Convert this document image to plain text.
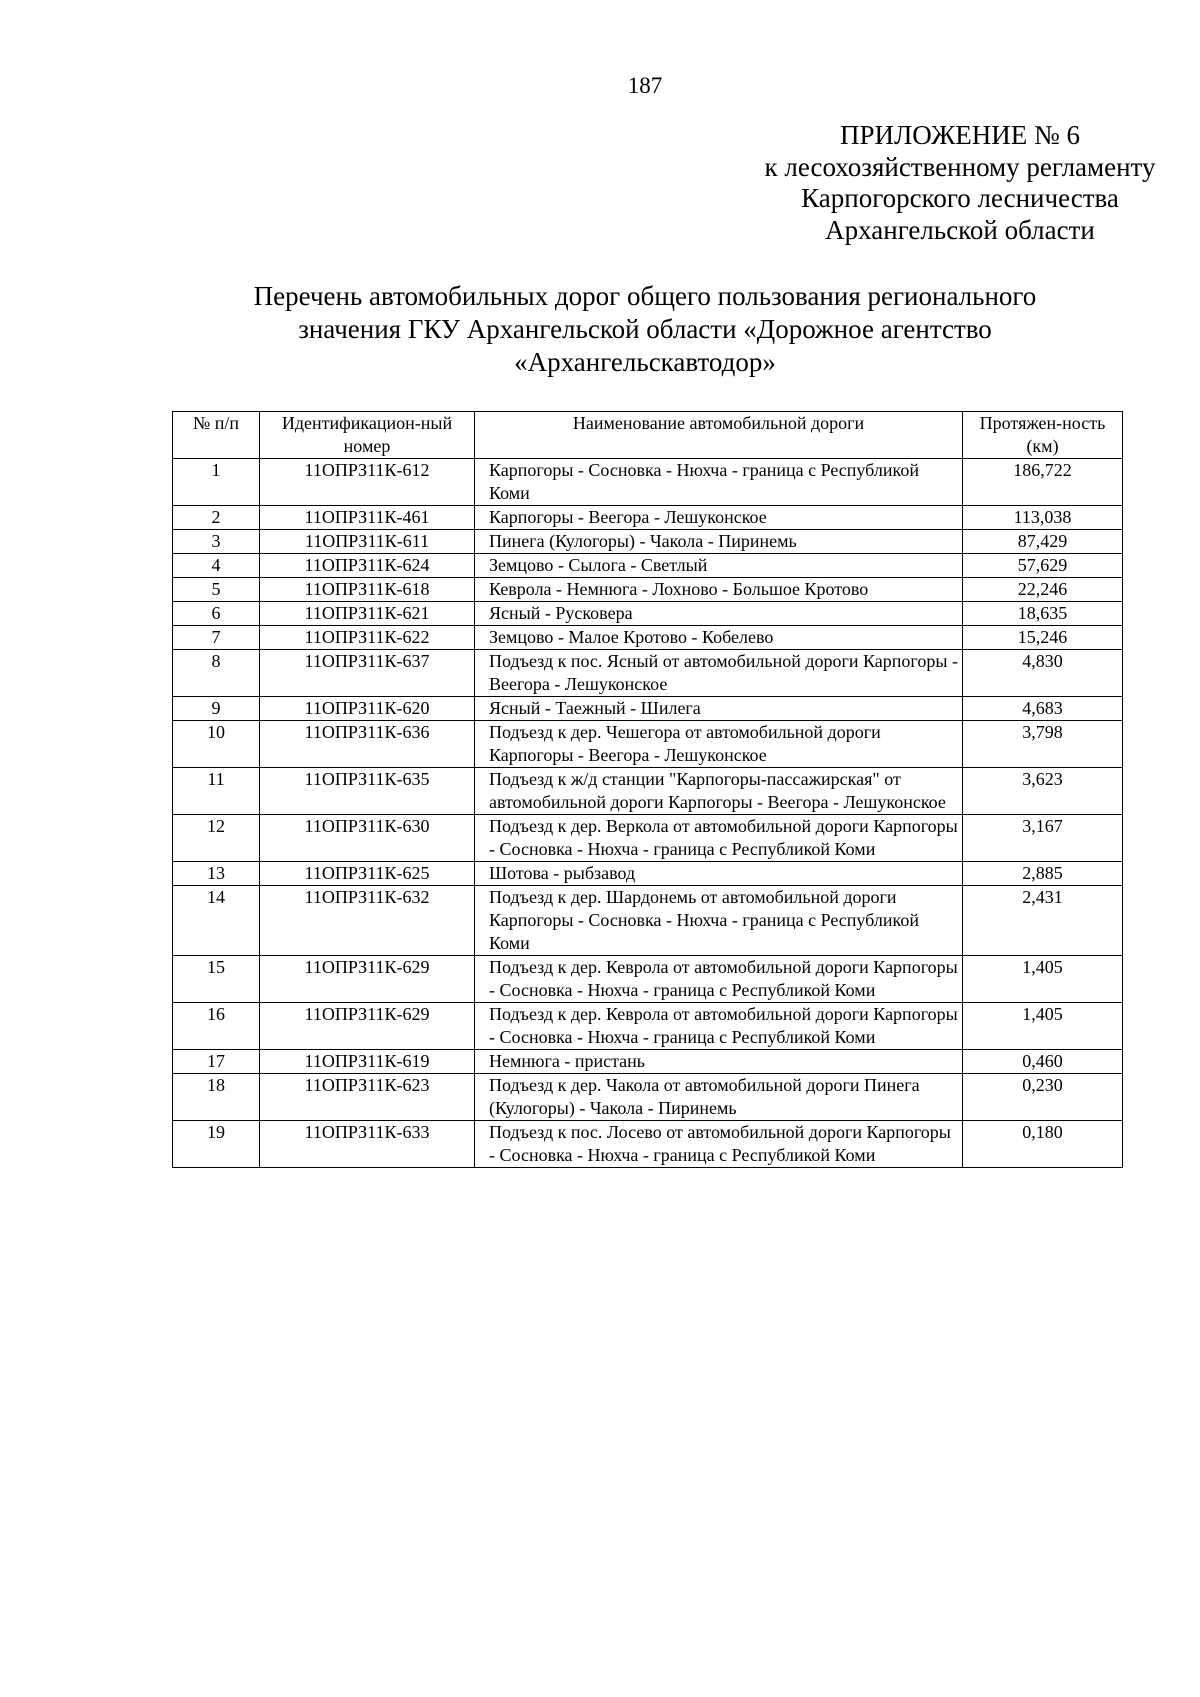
187
ПРИЛОЖЕНИЕ № 6
к лесохозяйственному регламенту
Карпогорского лесничества
Архангельской области
Перечень автомобильных дорог общего пользования регионального
значения ГКУ Архангельской области «Дорожное агентство
«Архангельскавтодор»
№ п/п	Идентификацион-ный номер	Наименование автомобильной дороги	Протяжен-ность (км)
1	11ОПРЗ11К-612	Карпогоры - Сосновка - Нюхча - граница с Республикой Коми	186,722
2	11ОПРЗ11К-461	Карпогоры - Веегора - Лешуконское	113,038
3	11ОПРЗ11К-611	Пинега (Кулогоры) - Чакола - Пиринемь	87,429
4	11ОПРЗ11К-624	Земцово - Сылога - Светлый	57,629
5	11ОПРЗ11К-618	Кеврола - Немнюга - Лохново - Большое Кротово	22,246
6	11ОПРЗ11К-621	Ясный - Русковера	18,635
7	11ОПРЗ11К-622	Земцово - Малое Кротово - Кобелево	15,246
8	11ОПРЗ11К-637	Подъезд к пос. Ясный от автомобильной дороги Карпогоры - Веегора - Лешуконское	4,830
9	11ОПРЗ11К-620	Ясный - Таежный - Шилега	4,683
10	11ОПРЗ11К-636	Подъезд к дер. Чешегора от автомобильной дороги Карпогоры - Веегора - Лешуконское	3,798
11	11ОПРЗ11К-635	Подъезд к ж/д станции "Карпогоры-пассажирская" от автомобильной дороги Карпогоры - Веегора - Лешуконское	3,623
12	11ОПРЗ11К-630	Подъезд к дер. Веркола от автомобильной дороги Карпогоры - Сосновка - Нюхча - граница с Республикой Коми	3,167
13	11ОПРЗ11К-625	Шотова - рыбзавод	2,885
14	11ОПРЗ11К-632	Подъезд к дер. Шардонемь от автомобильной дороги Карпогоры - Сосновка - Нюхча - граница с Республикой Коми	2,431
15	11ОПРЗ11К-629	Подъезд к дер. Кеврола от автомобильной дороги Карпогоры - Сосновка - Нюхча - граница с Республикой Коми	1,405
16	11ОПРЗ11К-629	Подъезд к дер. Кеврола от автомобильной дороги Карпогоры - Сосновка - Нюхча - граница с Республикой Коми	1,405
17	11ОПРЗ11К-619	Немнюга - пристань	0,460
18	11ОПРЗ11К-623	Подъезд к дер. Чакола от автомобильной дороги Пинега (Кулогоры) - Чакола - Пиринемь	0,230
19	11ОПРЗ11К-633	Подъезд к пос. Лосево от автомобильной дороги Карпогоры - Сосновка - Нюхча - граница с Республикой Коми	0,180
